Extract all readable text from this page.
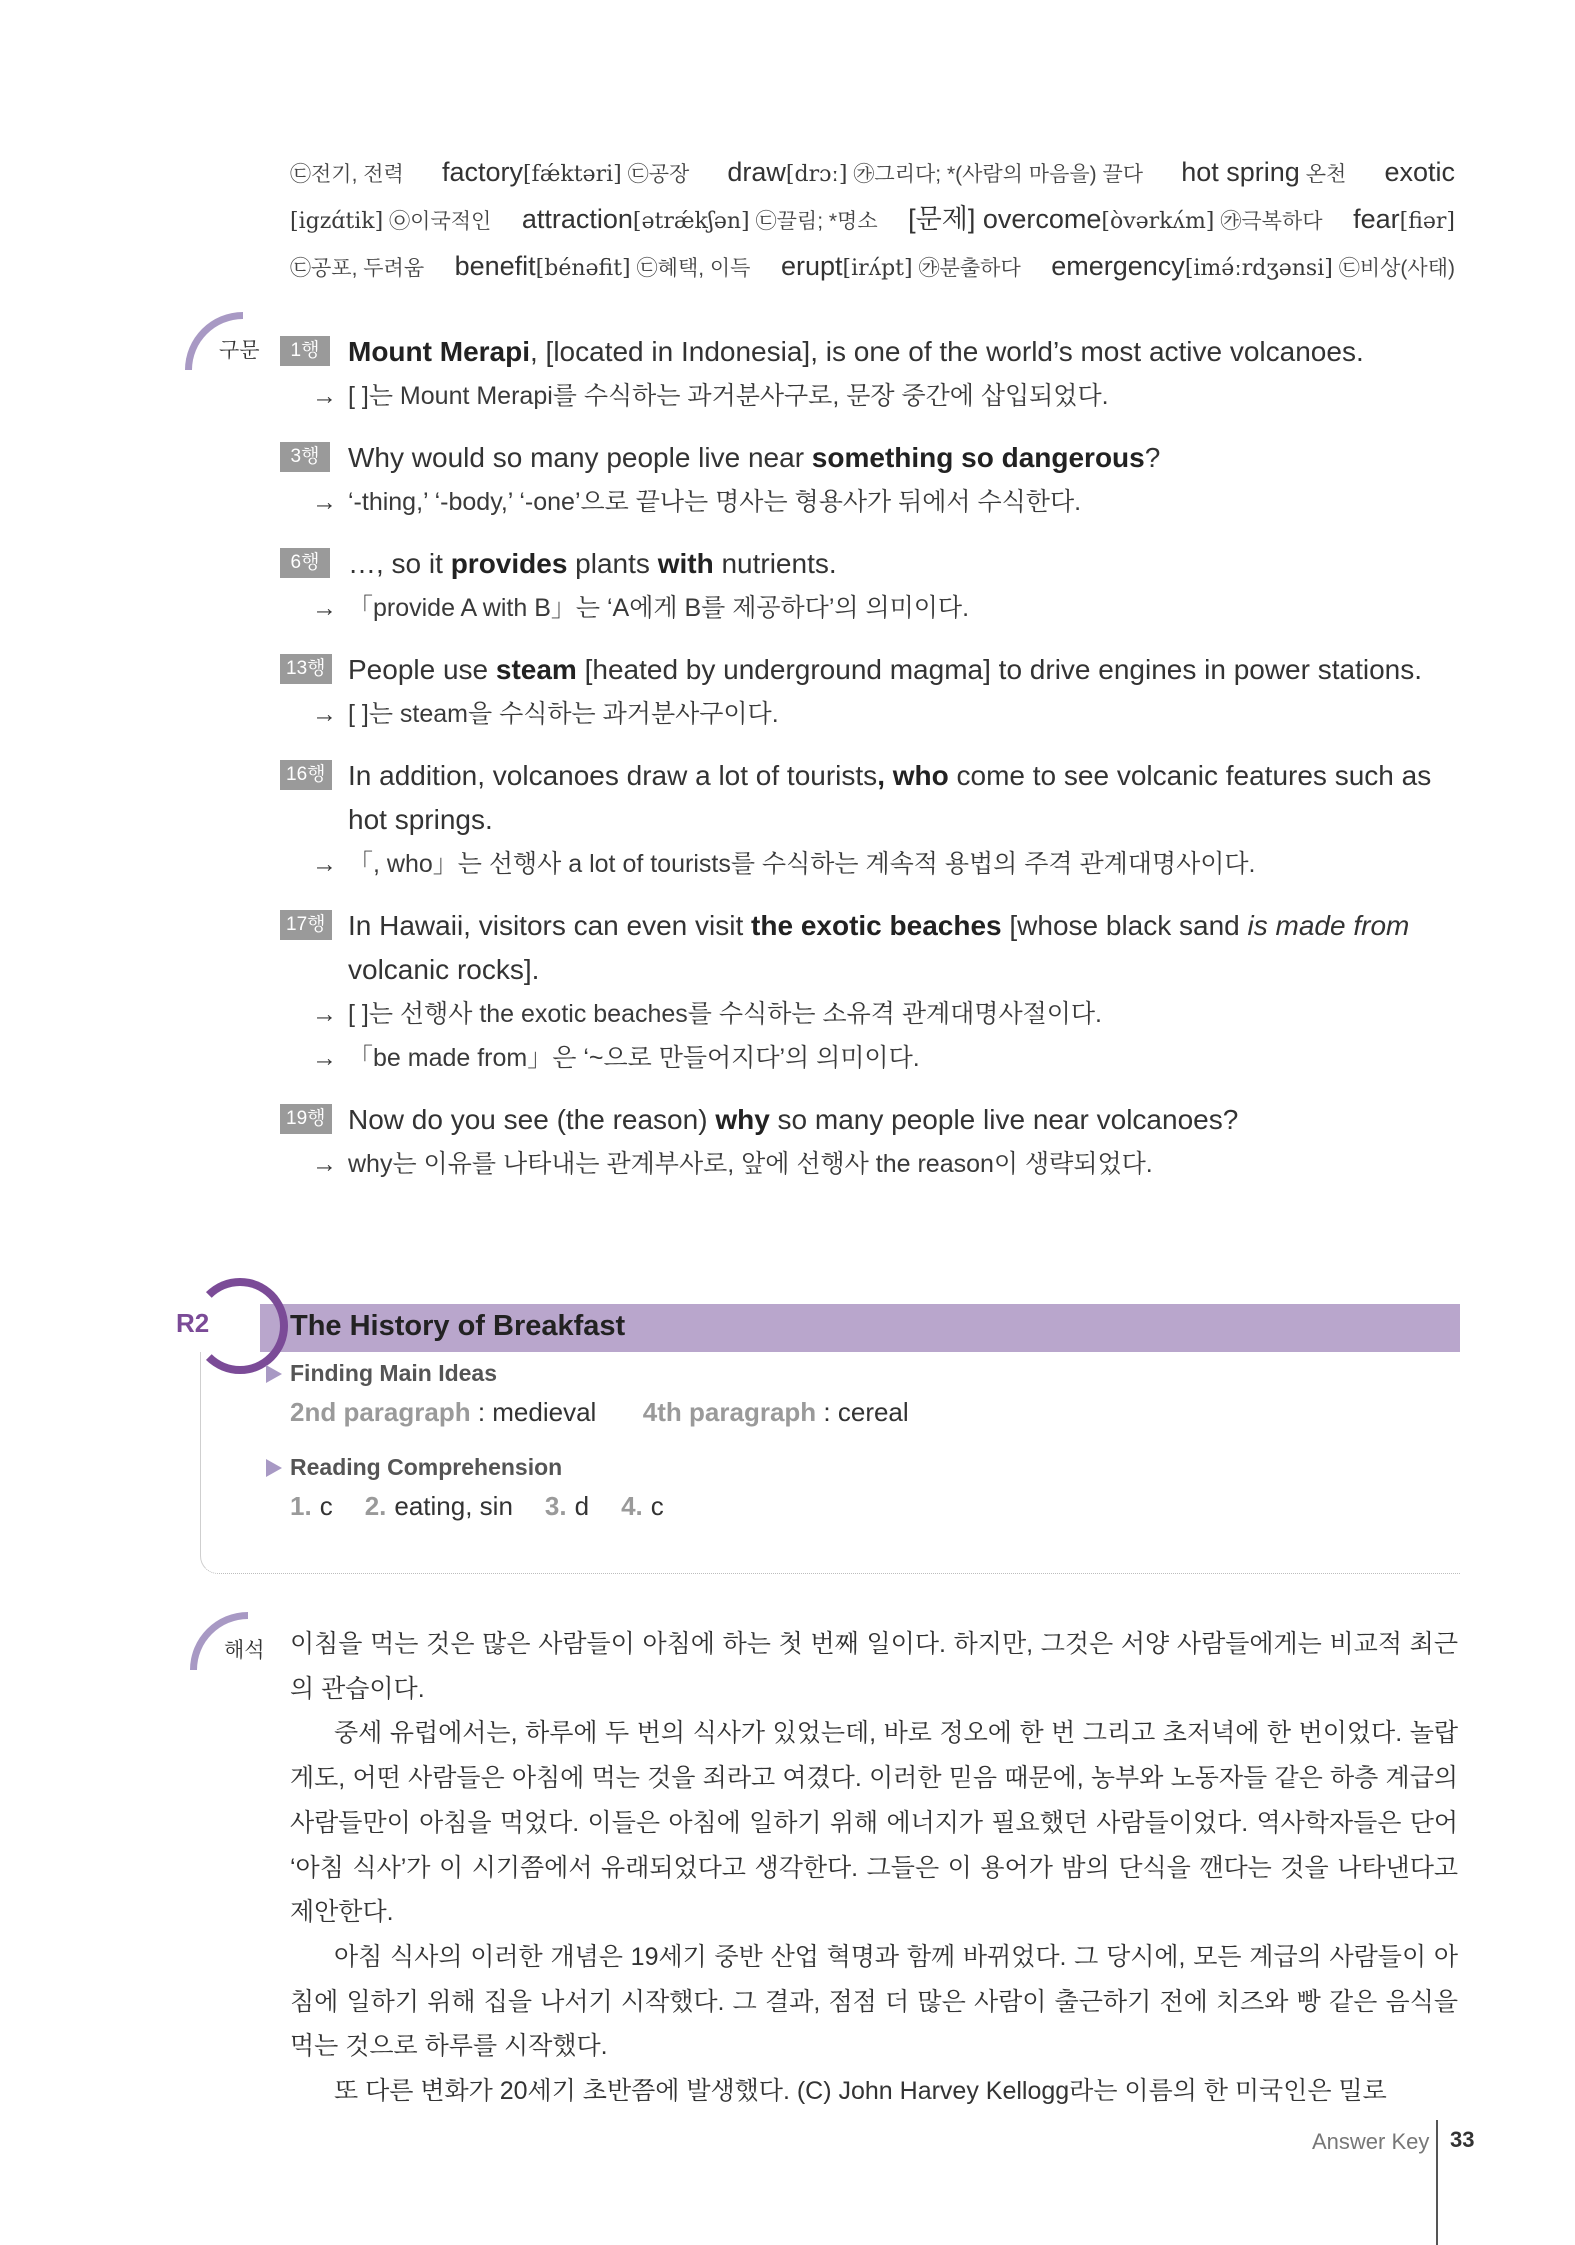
㉢전기, 전력 factory[fǽktəri] ㉢공장 draw[drɔː] ㉮그리다; *(사람의 마음을) 끌다 hot spring 온천 exotic
[igzɑ́tik] ㉧이국적인 attraction[ətrǽkʃən] ㉢끌림; *명소 [문제] overcome[òvərkʌ́m] ㉮극복하다 fear[fiər]
㉢공포, 두려움 benefit[bénəfit] ㉢혜택, 이득 erupt[irʌ́pt] ㉮분출하다 emergency[imə́ːrdʒənsi] ㉢비상(사태)
구문	1행	Mount Merapi, [located in Indonesia], is one of the world’s most active volcanoes.
→ [ ]는 Mount Merapi를 수식하는 과거분사구로, 문장 중간에 삽입되었다.
3행	Why would so many people live near something so dangerous?
→ ‘-thing,’ ‘-body,’ ‘-one’으로 끝나는 명사는 형용사가 뒤에서 수식한다.
6행	…, so it provides plants with nutrients.
→ 「provide A with B」는 ‘A에게 B를 제공하다’의 의미이다.
13행 People use steam [heated by underground magma] to drive engines in power stations.
→ [ ]는 steam을 수식하는 과거분사구이다.
16행 In addition, volcanoes draw a lot of tourists, who come to see volcanic features such as hot springs.
→ 「, who」는 선행사 a lot of tourists를 수식하는 계속적 용법의 주격 관계대명사이다.
17행 In Hawaii, visitors can even visit the exotic beaches [whose black sand is made from volcanic rocks].
→ [ ]는 선행사 the exotic beaches를 수식하는 소유격 관계대명사절이다.
→ 「be made from」은 ‘~으로 만들어지다’의 의미이다.
19행 Now do you see (the reason) why so many people live near volcanoes?
→ why는 이유를 나타내는 관계부사로, 앞에 선행사 the reason이 생략되었다.
R2	The History of Breakfast
Finding Main Ideas
2nd paragraph : medieval 4th paragraph : cereal
Reading Comprehension
1. c 2. eating, sin 3. d 4. c
해석 이침을 먹는 것은 많은 사람들이 아침에 하는 첫 번째 일이다. 하지만, 그것은 서양 사람들에게는 비교적 최근의 관습이다.

중세 유럽에서는, 하루에 두 번의 식사가 있었는데, 바로 정오에 한 번 그리고 초저녁에 한 번이었다. 놀랍게도, 어떤 사람들은 아침에 먹는 것을 죄라고 여겼다. 이러한 믿음 때문에, 농부와 노동자들 같은 하층 계급의 사람들만이 아침을 먹었다. 이들은 아침에 일하기 위해 에너지가 필요했던 사람들이었다. 역사학자들은 단어 ‘아침 식사’가 이 시기쯤에서 유래되었다고 생각한다. 그들은 이 용어가 밤의 단식을 깬다는 것을 나타낸다고 제안한다.

아침 식사의 이러한 개념은 19세기 중반 산업 혁명과 함께 바뀌었다. 그 당시에, 모든 계급의 사람들이 아침에 일하기 위해 집을 나서기 시작했다. 그 결과, 점점 더 많은 사람이 출근하기 전에 치즈와 빵 같은 음식을 먹는 것으로 하루를 시작했다.

또 다른 변화가 20세기 초반쯤에 발생했다. (C) John Harvey Kellogg라는 이름의 한 미국인은 밀로

Answer Key 33
